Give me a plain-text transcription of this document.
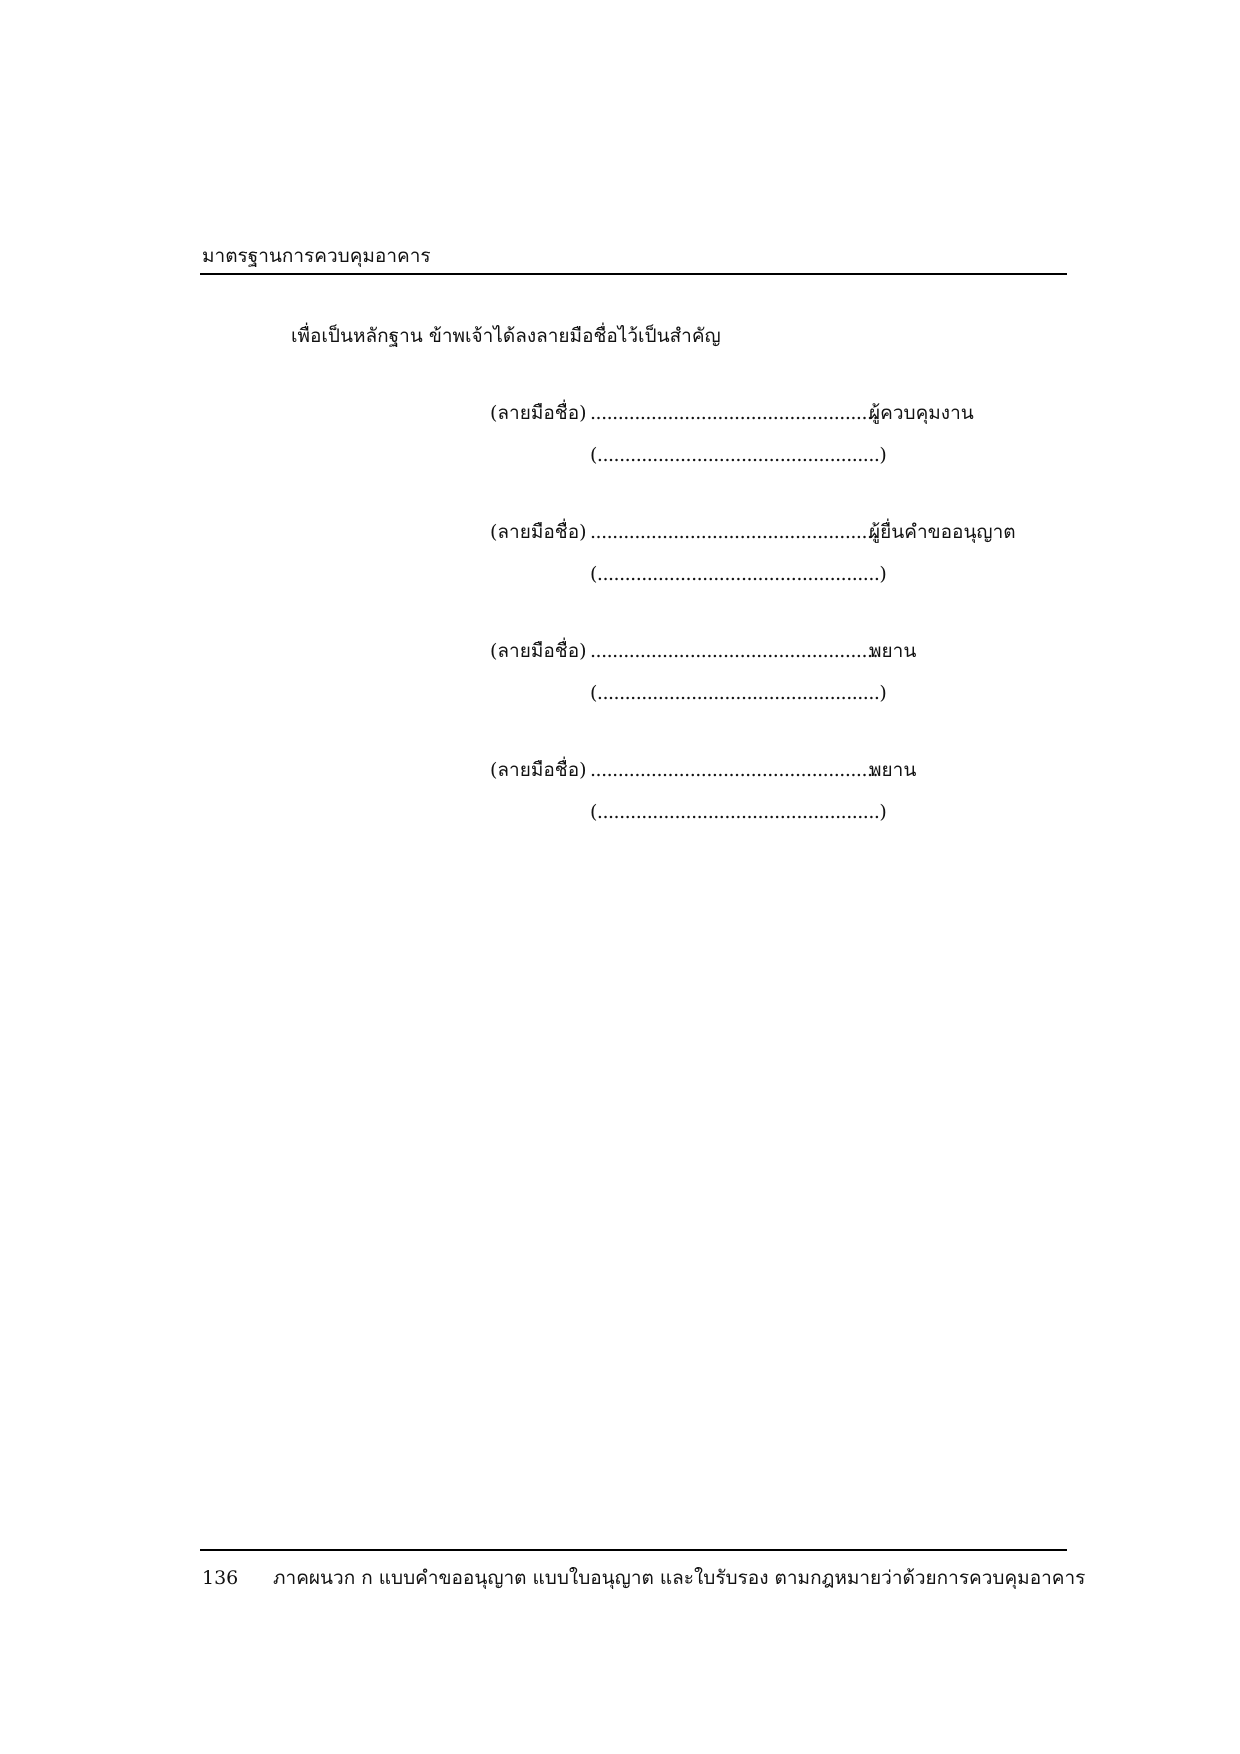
มาตรฐานการควบคุมอาคาร
เพื่อเป็นหลักฐาน ข้าพเจ้าได้ลงลายมือชื่อไว้เป็นสำคัญ
(ลายมือชื่อ) ....................................................
ผู้ควบคุมงาน
(...................................................)
(ลายมือชื่อ) ....................................................
ผู้ยื่นคำขออนุญาต
(...................................................)
(ลายมือชื่อ) ....................................................
พยาน
(...................................................)
(ลายมือชื่อ) ....................................................
พยาน
(...................................................)
136 ภาคผนวก ก แบบคำขออนุญาต แบบใบอนุญาต และใบรับรอง ตามกฎหมายว่าด้วยการควบคุมอาคาร
